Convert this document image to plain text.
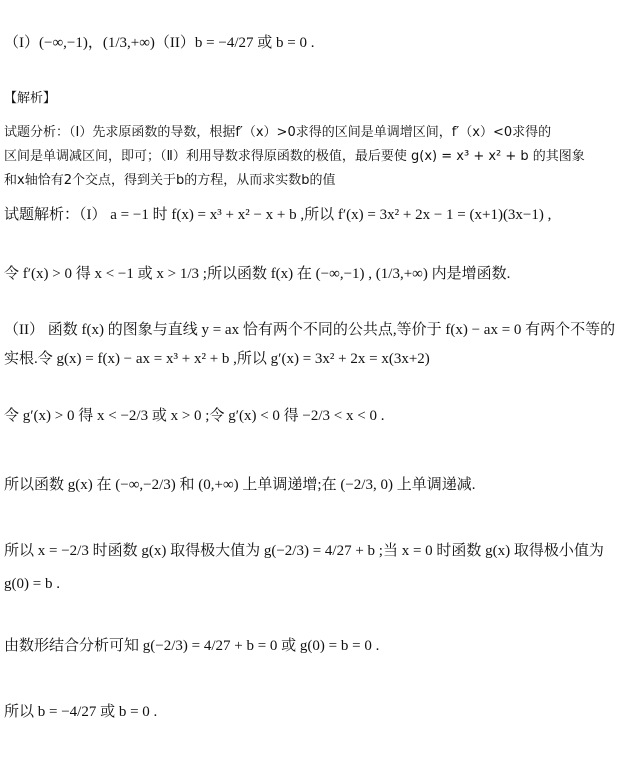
（I）(−∞,−1)，(1/3,+∞)（II）b = −4/27 或 b = 0 .
【解析】
试题分析：（Ⅰ）先求原函数的导数，根据f′（x）>0求得的区间是单调增区间，f′（x）<0求得的
区间是单调减区间，即可；（Ⅱ）利用导数求得原函数的极值，最后要使 g(x) = x³ + x² + b 的其图象
和x轴恰有2个交点，得到关于b的方程，从而求实数b的值
试题解析：（I） a = −1 时 f(x) = x³ + x² − x + b ,所以 f′(x) = 3x² + 2x − 1 = (x+1)(3x−1) ,
令 f′(x) > 0 得 x < −1 或 x > 1/3 ;所以函数 f(x) 在 (−∞,−1) , (1/3,+∞) 内是增函数.
（II） 函数 f(x) 的图象与直线 y = ax 恰有两个不同的公共点,等价于 f(x) − ax = 0 有两个不等的
实根.令 g(x) = f(x) − ax = x³ + x² + b ,所以 g′(x) = 3x² + 2x = x(3x+2)
令 g′(x) > 0 得 x < −2/3 或 x > 0 ;令 g′(x) < 0 得 −2/3 < x < 0 .
所以函数 g(x) 在 (−∞,−2/3) 和 (0,+∞) 上单调递增;在 (−2/3, 0) 上单调递减.
所以 x = −2/3 时函数 g(x) 取得极大值为 g(−2/3) = 4/27 + b ;当 x = 0 时函数 g(x) 取得极小值为
g(0) = b .
由数形结合分析可知 g(−2/3) = 4/27 + b = 0 或 g(0) = b = 0 .
所以 b = −4/27 或 b = 0 .
